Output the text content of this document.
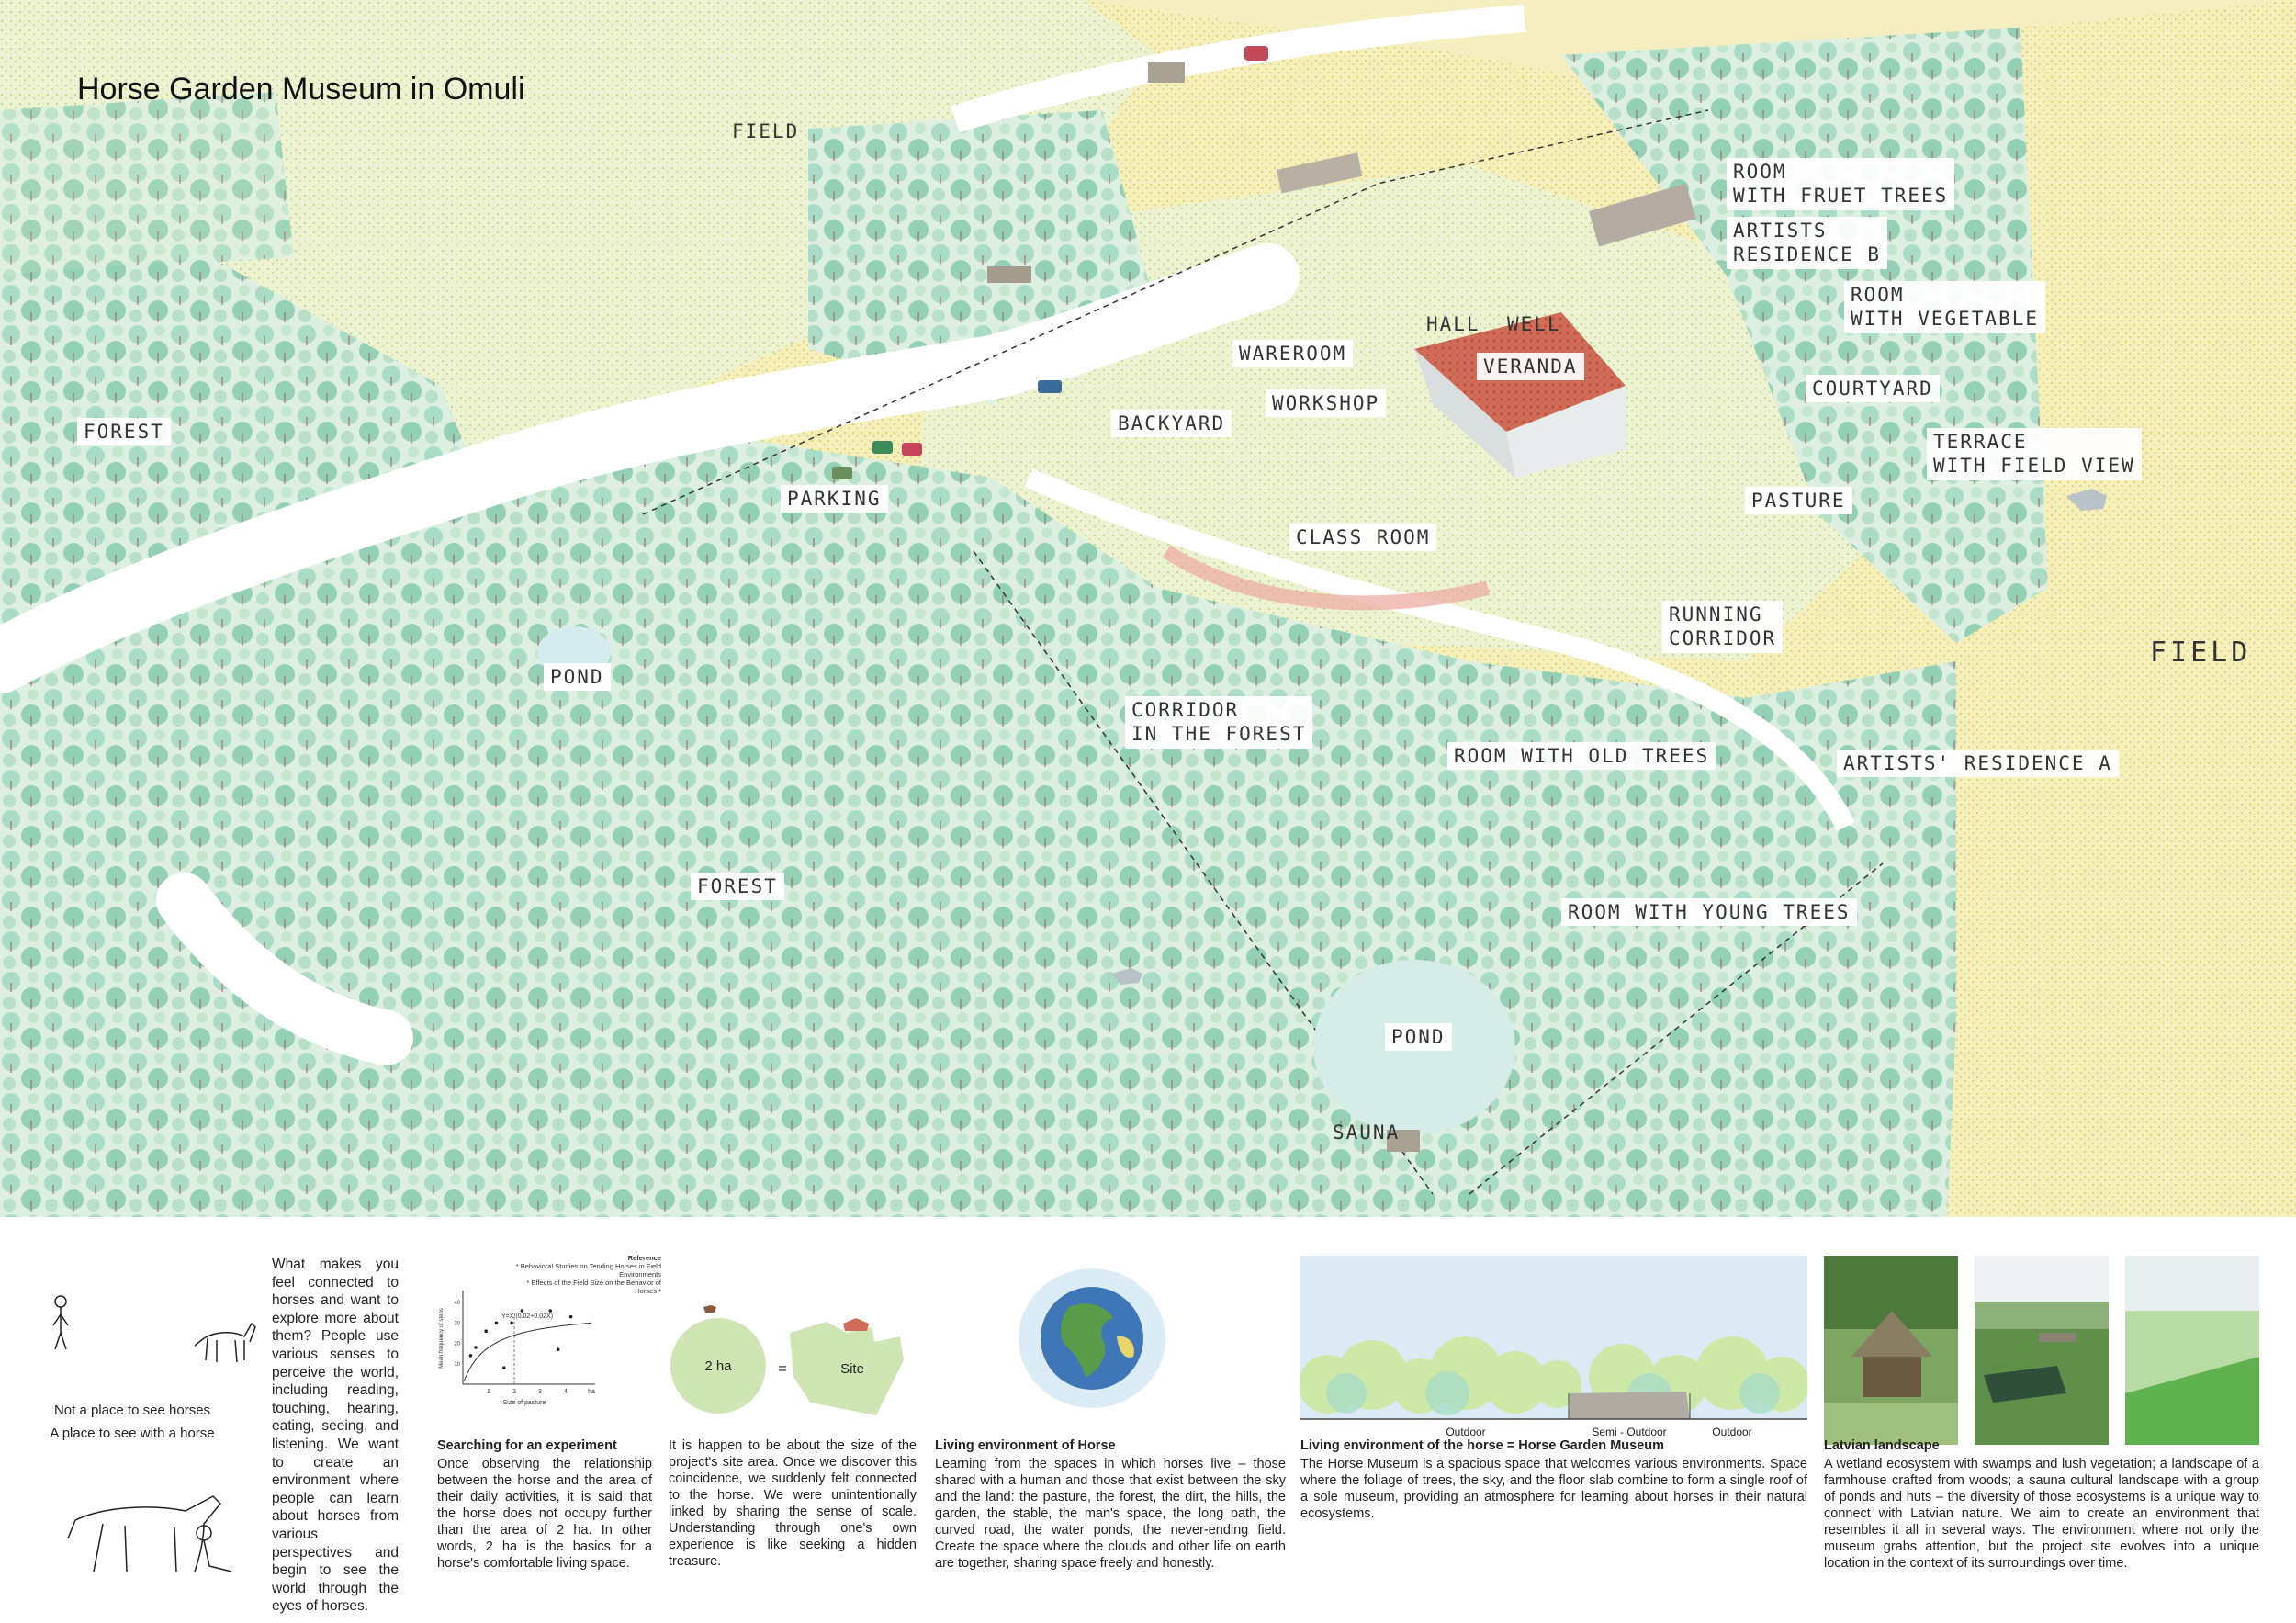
Horse Garden Museum in Omuli
FIELD
FOREST
PARKING
POND
FOREST
CORRIDOR
IN THE FOREST
BACKYARD
WAREROOM
WORKSHOP
HALL	WELL
VERANDA
CLASS ROOM
ROOM
WITH FRUET TREES
ARTISTS
RESIDENCE B
ROOM
WITH VEGETABLE
COURTYARD
TERRACE
WITH FIELD VIEW
PASTURE
RUNNING
CORRIDOR
ROOM WITH OLD TREES	ARTISTS' RESIDENCE A
ROOM WITH YOUNG TREES
POND
SAUNA
FIELD
Not a place to see horses
A place to see with a horse
What makes you feel connected to horses and want to explore more about them? People use various senses to perceive the world, including reading, touching, hearing, eating, seeing, and listening. We want to create an environment where people can learn about horses from various perspectives and begin to see the world through the eyes of horses.
Reference
* Behavioral Studies on Tending Horses in Field Environments
* Effects of the Field Size on the Behavior of Horses *
1	2	3	4	ha
40
30
20
10
Y=X/(0.02+0.02X)
Size of pasture
Mean frequency of steps
Searching for an experiment

Once observing the relationship between the horse and the area of their daily activities, it is said that the horse does not occupy further than the area of 2 ha. In other words, 2 ha is the basics for a horse's comfortable living space.

2 ha	=	Site

It is happen to be about the size of the project's site area. Once we discover this coincidence, we suddenly felt connected to the horse. We were unintentionally linked by sharing the sense of scale. Understanding through one's own experience is like seeking a hidden treasure.

Living environment of Horse

Learning from the spaces in which horses live – those shared with a human and those that exist between the sky and the land: the pasture, the forest, the dirt, the hills, the garden, the stable, the man's space, the long path, the curved road, the water ponds, the never-ending field. Create the space where the clouds and other life on earth are together, sharing space freely and honestly.

Outdoor	Semi - Outdoor	Outdoor
Living environment of the horse = Horse Garden Museum

The Horse Museum is a spacious space that welcomes various environments. Space where the foliage of trees, the sky, and the floor slab combine to form a single roof of a sole museum, providing an atmosphere for learning about horses in their natural ecosystems.

Latvian landscape

A wetland ecosystem with swamps and lush vegetation; a landscape of a farmhouse crafted from woods; a sauna cultural landscape with a group of ponds and huts – the diversity of those ecosystems is a unique way to connect with Latvian nature. We aim to create an environment that resembles it all in several ways. The environment where not only the museum grabs attention, but the project site evolves into a unique location in the context of its surroundings over time.
